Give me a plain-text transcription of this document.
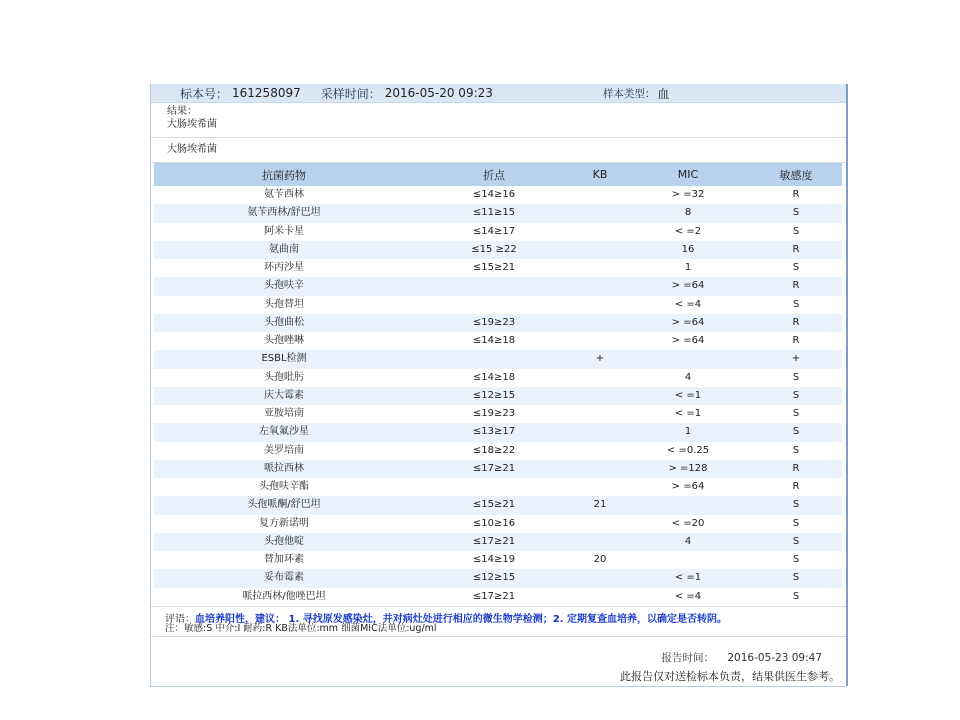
标本号： 161258097 采样时间： 2016-05-20 09:23	样本类型： 血
结果：
大肠埃希菌
大肠埃希菌
抗菌药物	折点	KB	MIC	敏感度
氨苄西林	≤14≥16		> =32	R
氨苄西林/舒巴坦	≤11≥15		8	S
阿米卡星	≤14≥17		< =2	S
氨曲南	≤15 ≥22		16	R
环丙沙星	≤15≥21		1	S
头孢呋辛			> =64	R
头孢替坦			< =4	S
头孢曲松	≤19≥23		> =64	R
头孢唑啉	≤14≥18		> =64	R
ESBL检测		+		+
头孢吡肟	≤14≥18		4	S
庆大霉素	≤12≥15		< =1	S
亚胺培南	≤19≥23		< =1	S
左氧氟沙星	≤13≥17		1	S
美罗培南	≤18≥22		< =0.25	S
哌拉西林	≤17≥21		> =128	R
头孢呋辛酯			> =64	R
头孢哌酮/舒巴坦	≤15≥21	21		S
复方新诺明	≤10≥16		< =20	S
头孢他啶	≤17≥21		4	S
替加环素	≤14≥19	20		S
妥布霉素	≤12≥15		< =1	S
哌拉西林/他唑巴坦	≤17≥21		< =4	S
评语：血培养阳性，建议： 1. 寻找原发感染灶，并对病灶处进行相应的微生物学检测；2. 定期复查血培养，以确定是否转阴。
注：敏感:S 中介:I 耐药:R KB法单位:mm 细菌MIC法单位:ug/ml
报告时间： 2016-05-23 09:47
此报告仅对送检标本负责，结果供医生参考。
